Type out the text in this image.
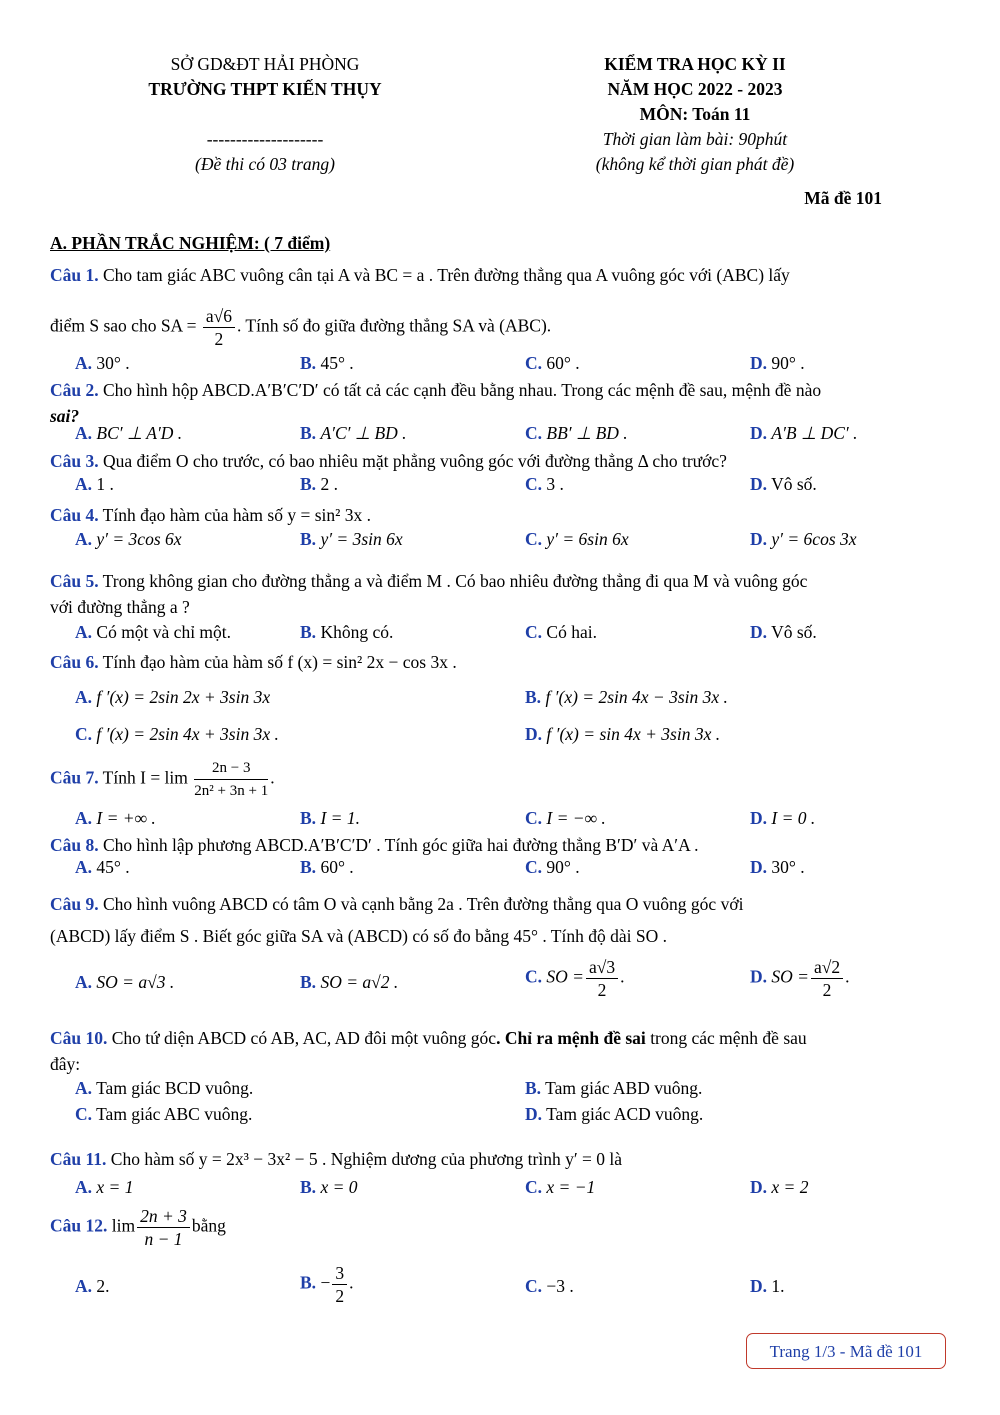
SỞ GD&ĐT HẢI PHÒNG
TRƯỜNG THPT KIẾN THỤY
--------------------
(Đề thi có 03 trang)
KIỂM TRA HỌC KỲ II
NĂM HỌC 2022 - 2023
MÔN: Toán 11
Thời gian làm bài: 90phút
(không kể thời gian phát đề)
Mã đề 101
A. PHẦN TRẮC NGHIỆM: ( 7 điểm)
Câu 1. Cho tam giác ABC vuông cân tại A và BC = a . Trên đường thẳng qua A vuông góc với (ABC) lấy
điểm S sao cho SA = $\frac{a√6}{2}$ . Tính số đo giữa đường thẳng SA và (ABC).
A. 30° .	B. 45° .	C. 60° .	D. 90° .
Câu 2. Cho hình hộp ABCD.A′B′C′D′ có tất cả các cạnh đều bằng nhau. Trong các mệnh đề sau, mệnh đề nào
sai?
A. BC′ ⊥ A′D .	B. A′C′ ⊥ BD .	C. BB′ ⊥ BD .	D. A′B ⊥ DC′ .
Câu 3. Qua điểm O cho trước, có bao nhiêu mặt phẳng vuông góc với đường thẳng Δ cho trước?
A. 1 .	B. 2 .	C. 3 .	D. Vô số.
Câu 4. Tính đạo hàm của hàm số y = sin² 3x .
A. y′ = 3cos 6x	B. y′ = 3sin 6x	C. y′ = 6sin 6x	D. y′ = 6cos 3x
Câu 5. Trong không gian cho đường thẳng a và điểm M . Có bao nhiêu đường thẳng đi qua M và vuông góc
với đường thẳng a ?
A. Có một và chỉ một.	B. Không có.	C. Có hai.	D. Vô số.
Câu 6. Tính đạo hàm của hàm số f (x) = sin² 2x − cos 3x .
A. f ′(x) = 2sin 2x + 3sin 3x	B. f ′(x) = 2sin 4x − 3sin 3x .
C. f ′(x) = 2sin 4x + 3sin 3x .	D. f ′(x) = sin 4x + 3sin 3x .
Câu 7. Tính $I = \lim \frac{2n - 3}{\text{2n² + 3n + 1}}$ .
A. I = +∞ .	B. I = 1.	C. I = −∞ .	D. I = 0 .
Câu 8. Cho hình lập phương ABCD.A′B′C′D′ . Tính góc giữa hai đường thẳng B′D′ và A′A .
A. 45° .	B. 60° .	C. 90° .	D. 30° .
Câu 9. Cho hình vuông ABCD có tâm O và cạnh bằng 2a . Trên đường thẳng qua O vuông góc với
(ABCD) lấy điểm S . Biết góc giữa SA và (ABCD) có số đo bằng 45° . Tính độ dài SO .
A. SO = a√3 .	B. SO = a√2 .	C. SO = $\frac{a√3}{2}$ .	D. SO = $\frac{a√2}{2}$ .
Câu 10. Cho tứ diện ABCD có AB, AC, AD đôi một vuông góc. Chỉ ra mệnh đề sai trong các mệnh đề sau
đây:
A. Tam giác BCD vuông.	B. Tam giác ABD vuông.
C. Tam giác ABC vuông.	D. Tam giác ACD vuông.
Câu 11. Cho hàm số y = 2x³ − 3x² − 5 . Nghiệm dương của phương trình y′ = 0 là
A. x = 1	B. x = 0	C. x = −1	D. x = 2
Câu 12. $\lim \frac{2n + 3}{n - 1}$ bằng
A. 2.	B. − $\frac{3}{2}$ .	C. −3 .	D. 1.
Trang 1/3 - Mã đề 101
